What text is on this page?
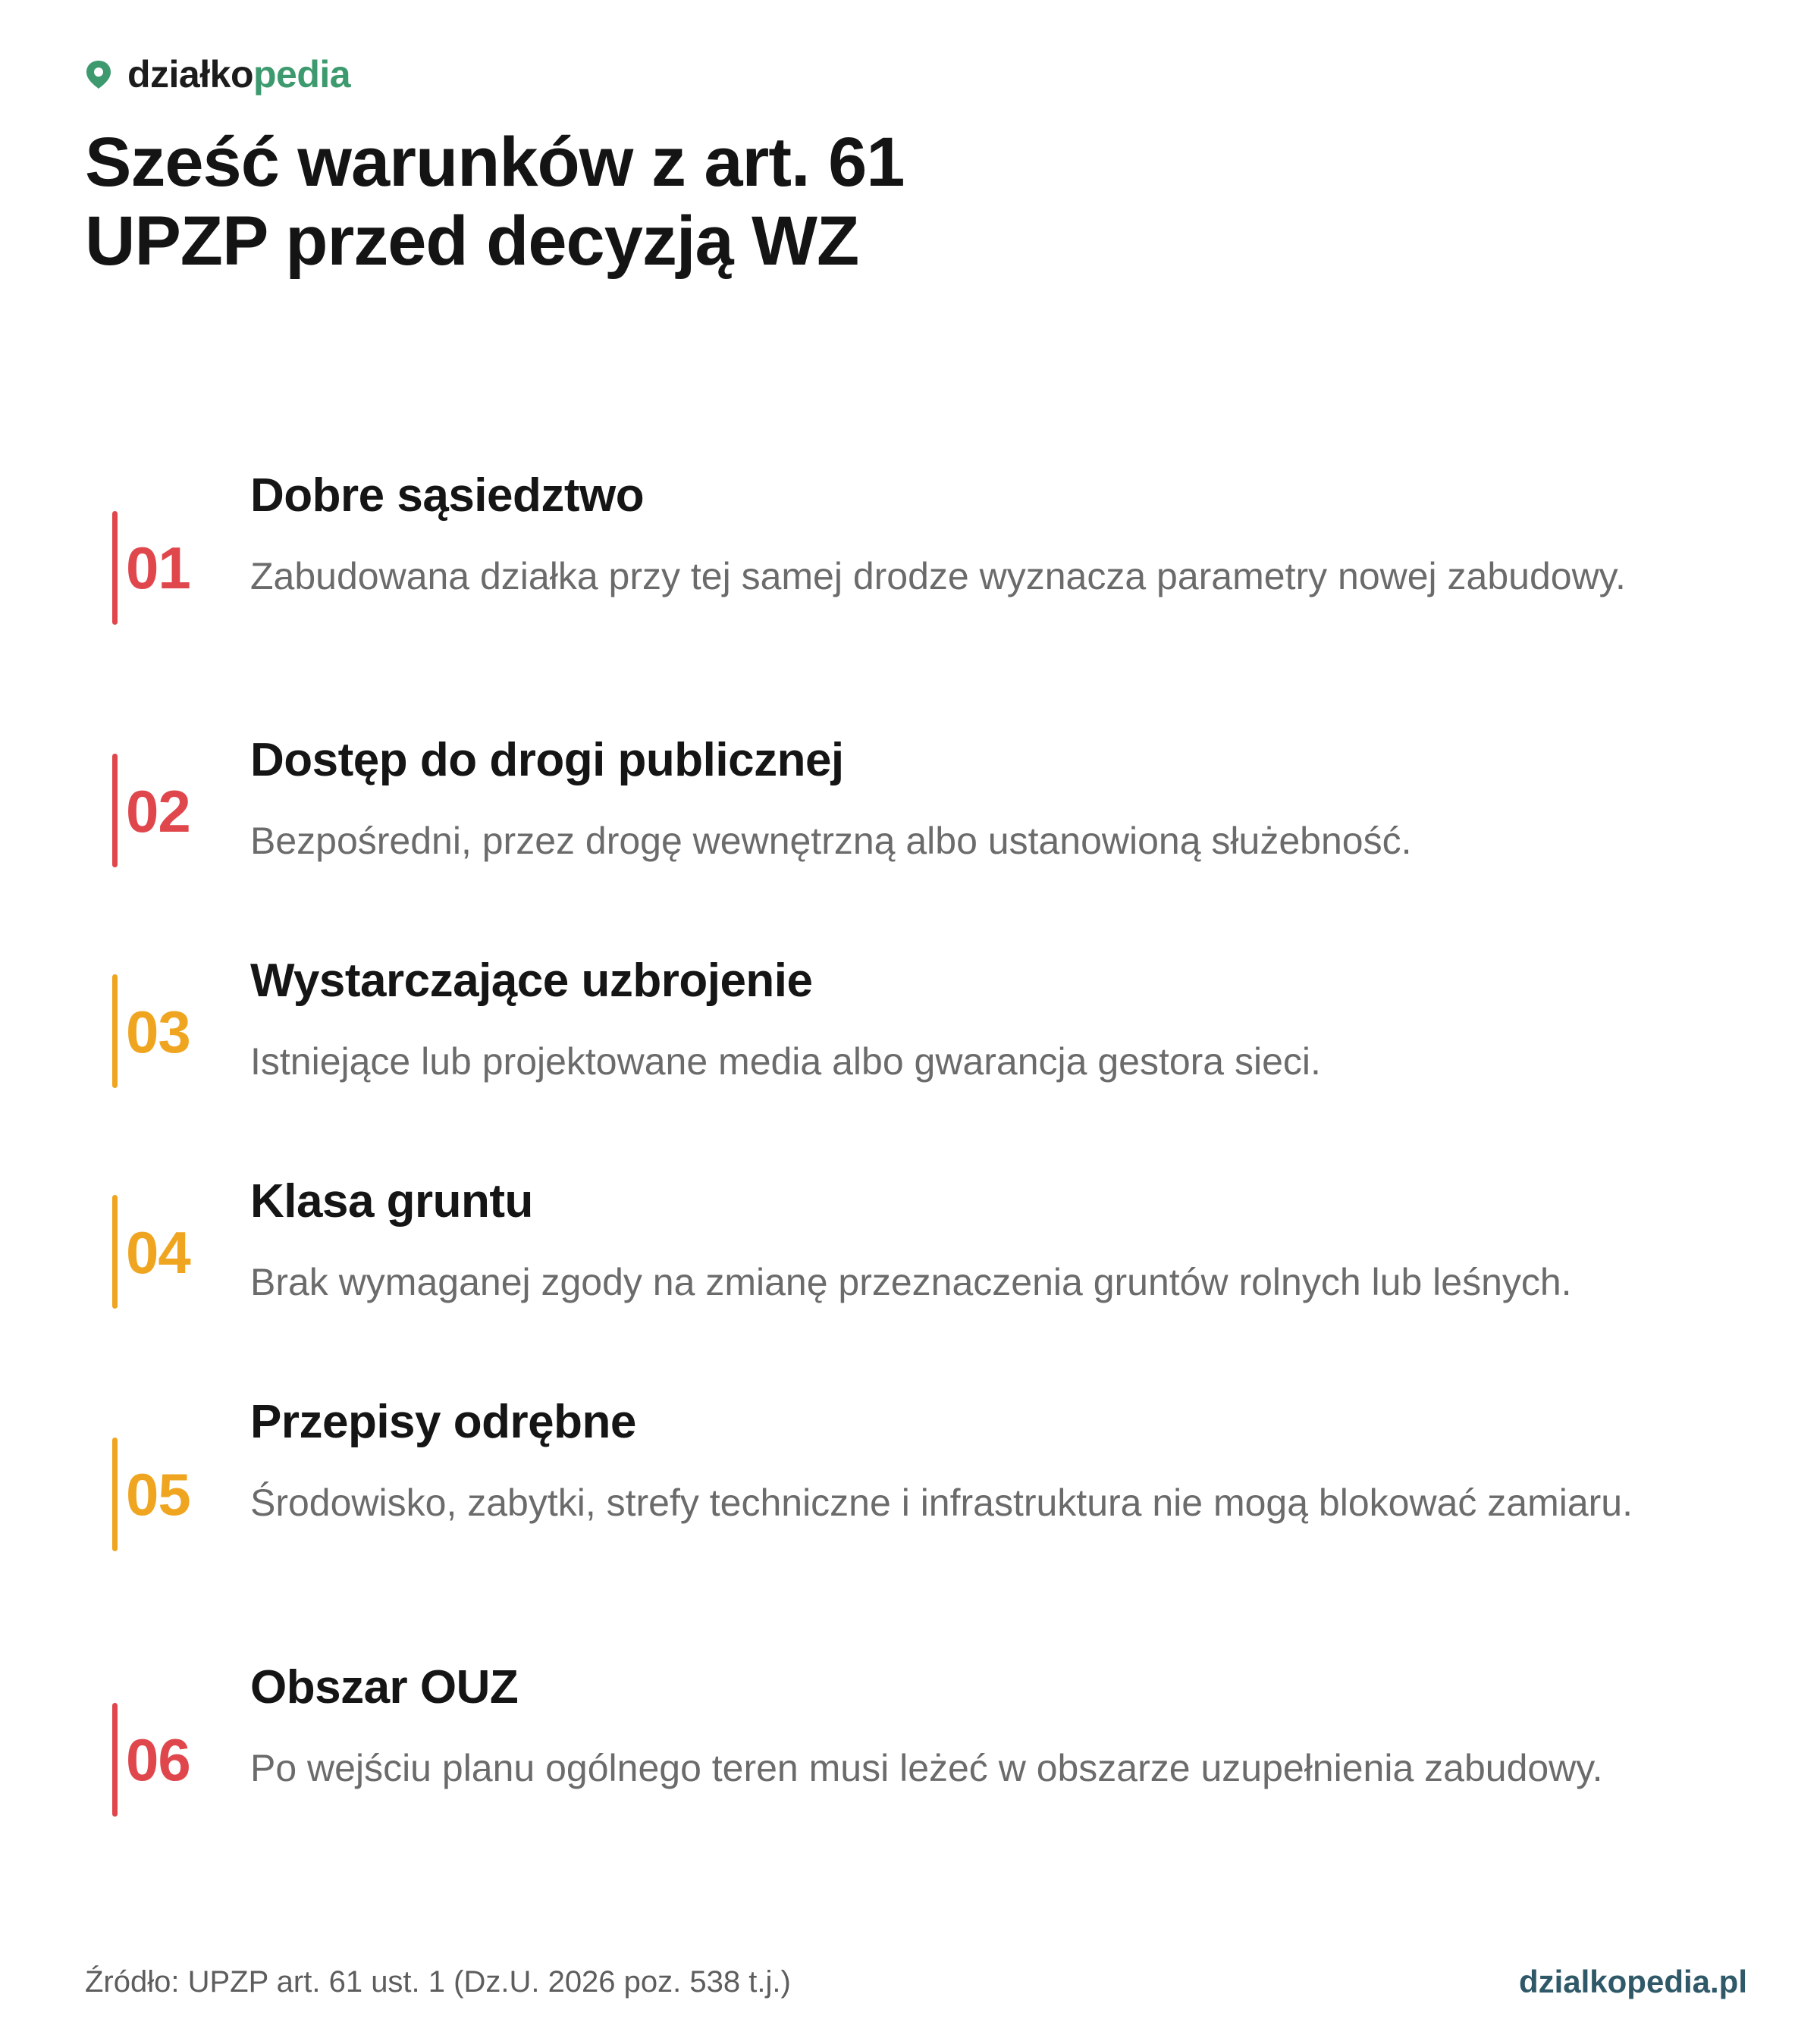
działkopedia
Sześć warunków z art. 61
UPZP przed decyzją WZ
01
Dobre sąsiedztwo

Zabudowana działka przy tej samej drodze wyznacza parametry nowej zabudowy.

02
Dostęp do drogi publicznej

Bezpośredni, przez drogę wewnętrzną albo ustanowioną służebność.

03
Wystarczające uzbrojenie

Istniejące lub projektowane media albo gwarancja gestora sieci.

04
Klasa gruntu

Brak wymaganej zgody na zmianę przeznaczenia gruntów rolnych lub leśnych.

05
Przepisy odrębne

Środowisko, zabytki, strefy techniczne i infrastruktura nie mogą blokować zamiaru.

06
Obszar OUZ

Po wejściu planu ogólnego teren musi leżeć w obszarze uzupełnienia zabudowy.

Źródło: UPZP art. 61 ust. 1 (Dz.U. 2026 poz. 538 t.j.)	dzialkopedia.pl
